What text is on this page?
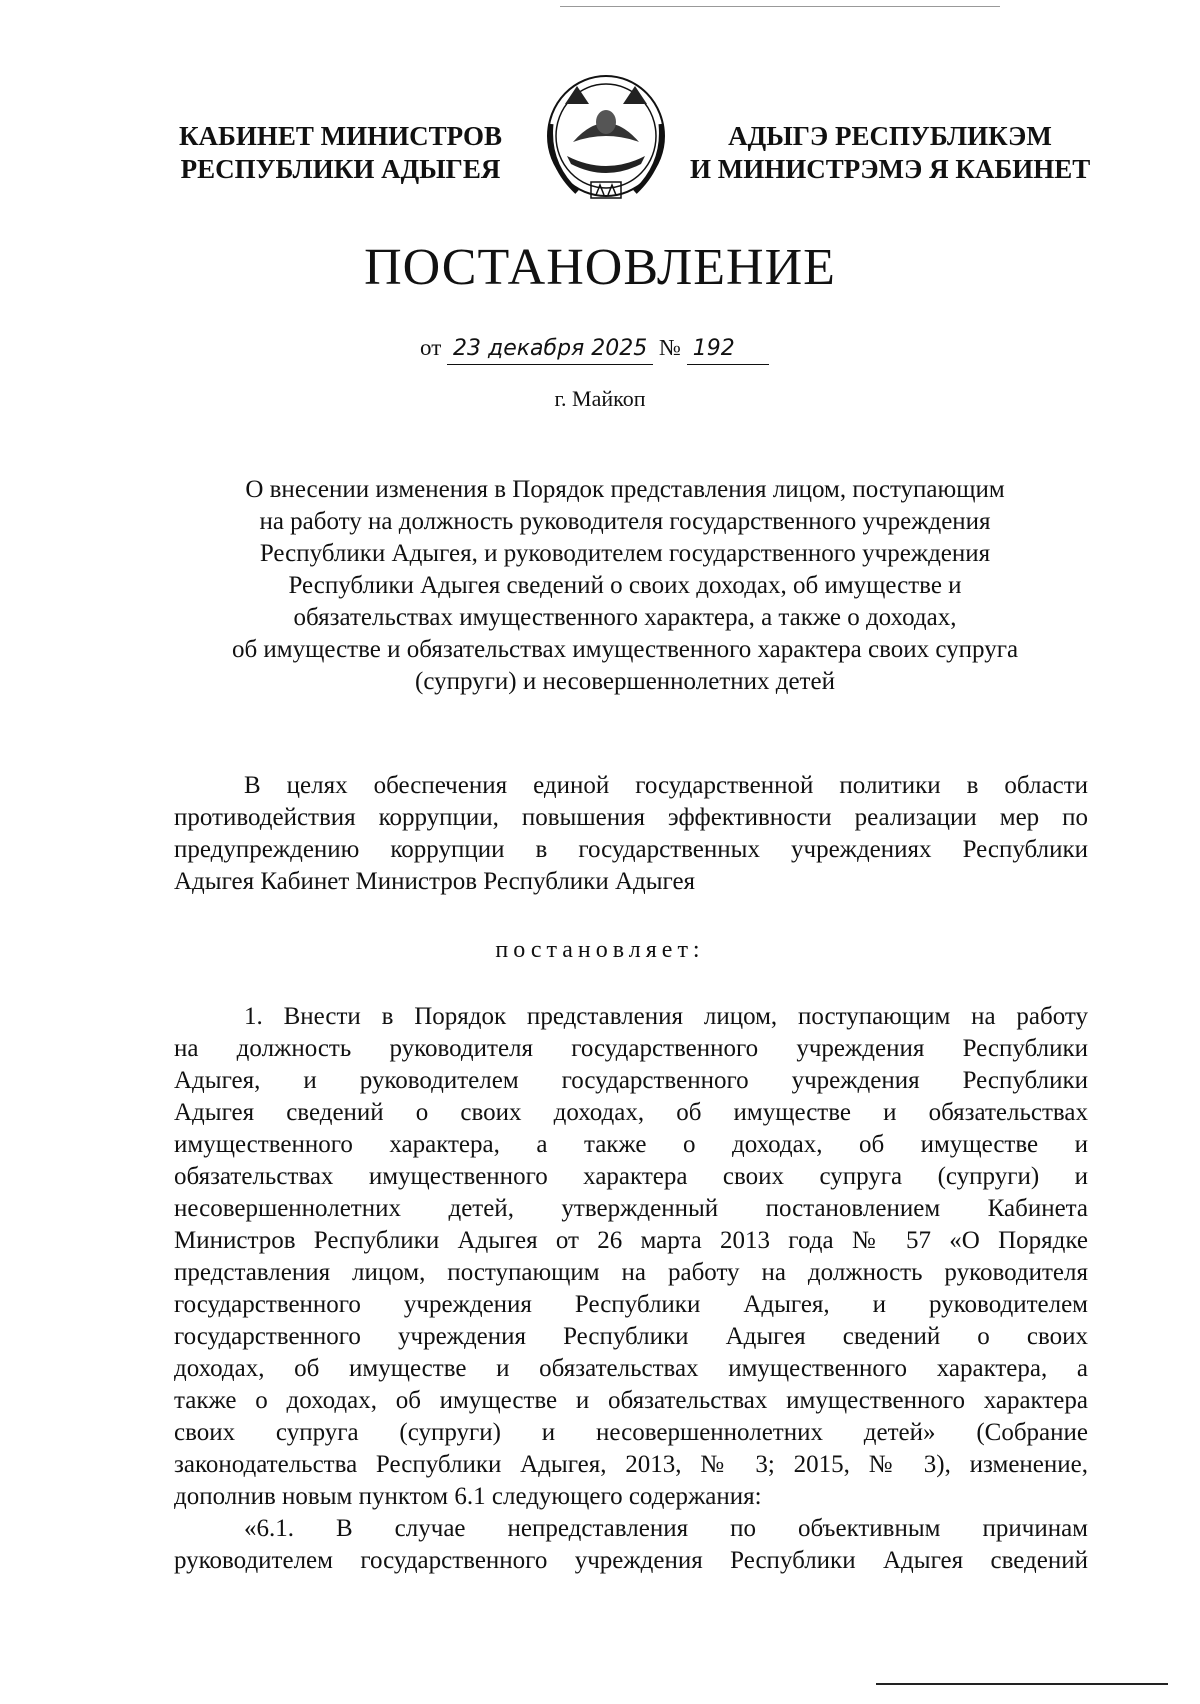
КАБИНЕТ МИНИСТРОВ
РЕСПУБЛИКИ АДЫГЕЯ
АДЫГЭ РЕСПУБЛИКЭМ
И МИНИСТРЭМЭ Я КАБИНЕТ
ПОСТАНОВЛЕНИЕ
от 23 декабря 2025 № 192
г. Майкоп
О внесении изменения в Порядок представления лицом, поступающим
на работу на должность руководителя государственного учреждения
Республики Адыгея, и руководителем государственного учреждения
Республики Адыгея сведений о своих доходах, об имуществе и
обязательствах имущественного характера, а также о доходах,
об имуществе и обязательствах имущественного характера своих супруга
(супруги) и несовершеннолетних детей
В целях обеспечения единой государственной политики в области
противодействия коррупции, повышения эффективности реализации мер по
предупреждению коррупции в государственных учреждениях Республики
Адыгея Кабинет Министров Республики Адыгея
постановляет:
1. Внести в Порядок представления лицом, поступающим на работу
на должность руководителя государственного учреждения Республики
Адыгея, и руководителем государственного учреждения Республики
Адыгея сведений о своих доходах, об имуществе и обязательствах
имущественного характера, а также о доходах, об имуществе и
обязательствах имущественного характера своих супруга (супруги) и
несовершеннолетних детей, утвержденный постановлением Кабинета
Министров Республики Адыгея от 26 марта 2013 года № 57 «О Порядке
представления лицом, поступающим на работу на должность руководителя
государственного учреждения Республики Адыгея, и руководителем
государственного учреждения Республики Адыгея сведений о своих
доходах, об имуществе и обязательствах имущественного характера, а
также о доходах, об имуществе и обязательствах имущественного характера
своих супруга (супруги) и несовершеннолетних детей» (Собрание
законодательства Республики Адыгея, 2013, № 3; 2015, № 3), изменение,
дополнив новым пунктом 6.1 следующего содержания:
«6.1. В случае непредставления по объективным причинам
руководителем государственного учреждения Республики Адыгея сведений
